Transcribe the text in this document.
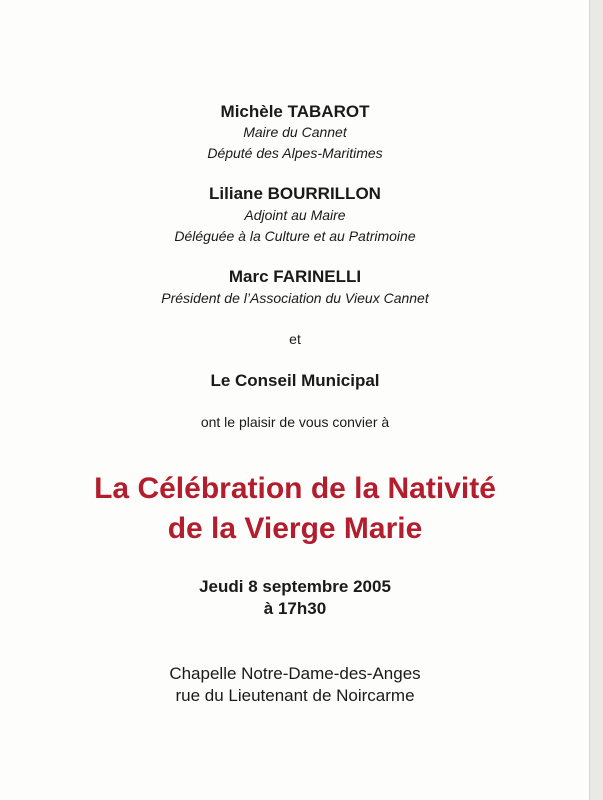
Michèle TABAROT
Maire du Cannet
Député des Alpes-Maritimes
Liliane BOURRILLON
Adjoint au Maire
Déléguée à la Culture et au Patrimoine
Marc FARINELLI
Président de l’Association du Vieux Cannet
et
Le Conseil Municipal
ont le plaisir de vous convier à
La Célébration de la Nativité
de la Vierge Marie
Jeudi 8 septembre 2005
à 17h30
Chapelle Notre-Dame-des-Anges
rue du Lieutenant de Noircarme
